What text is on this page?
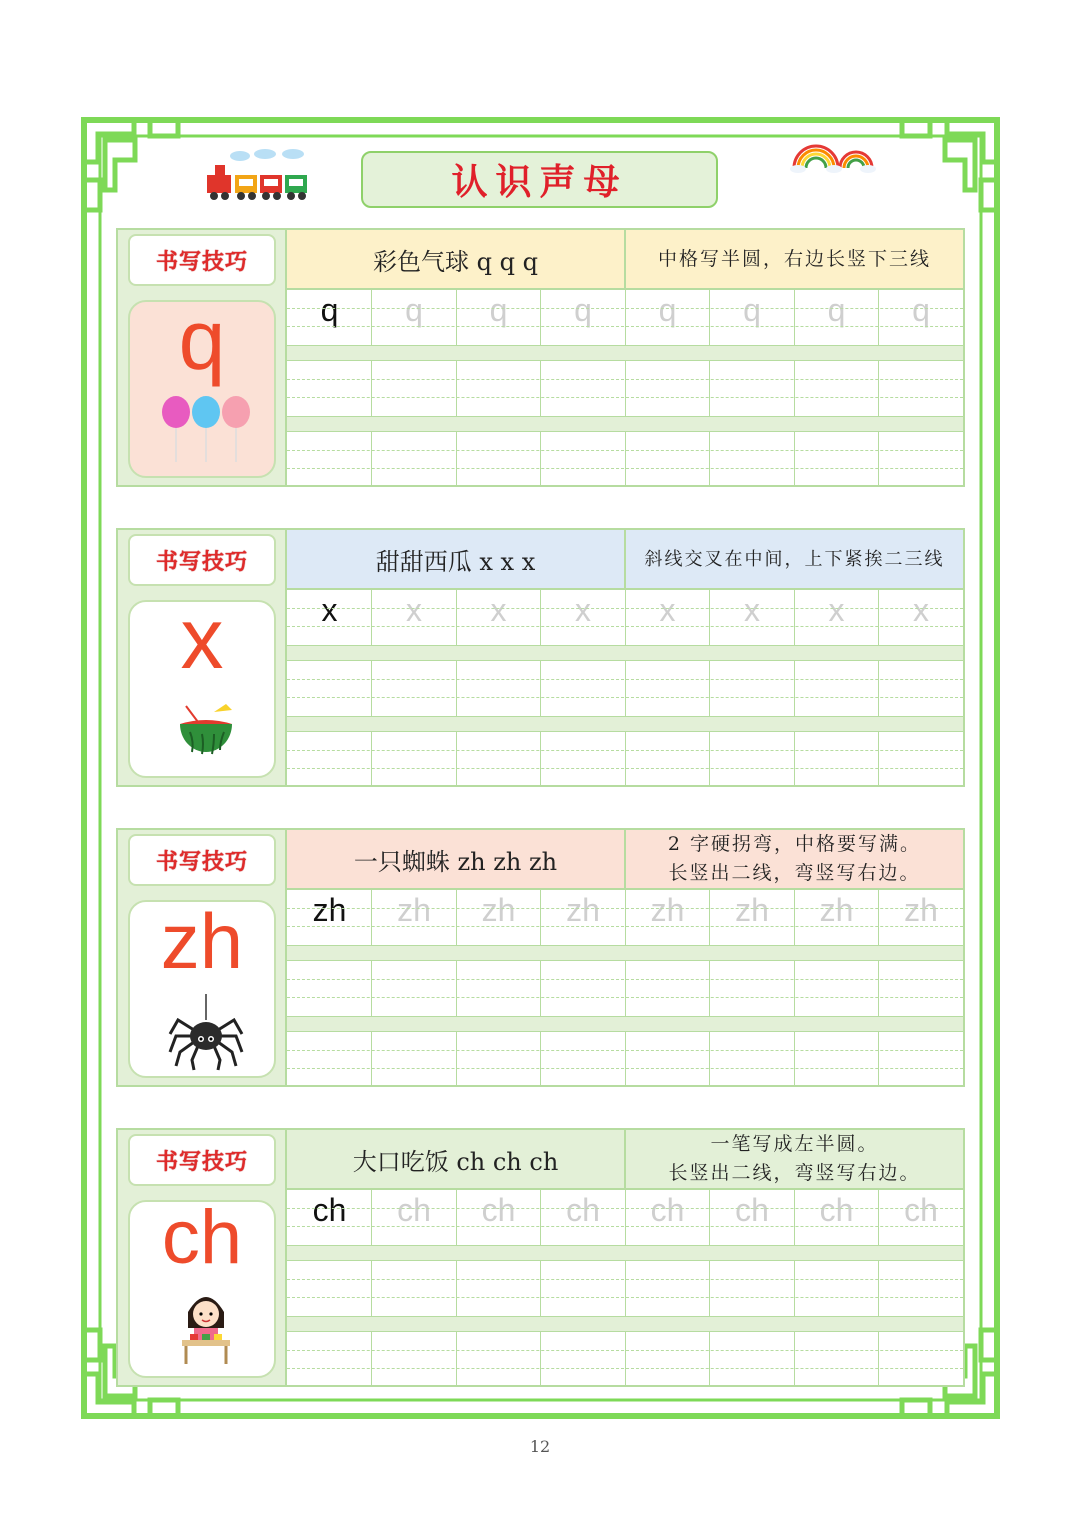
认识声母
书写技巧
q
彩色气球 q q q	中格写半圆，右边长竖下三线
q	q	q	q	q	q	q	q
书写技巧
x
甜甜西瓜 x x x	斜线交叉在中间，上下紧挨二三线
x	x	x	x	x	x	x	x
书写技巧
zh
一只蜘蛛 zh zh zh
2 字硬拐弯，中格要写满。
长竖出二线，弯竖写右边。
zh	zh	zh	zh	zh	zh	zh	zh
书写技巧
ch
大口吃饭 ch ch ch
一笔写成左半圆。
长竖出二线，弯竖写右边。
ch	ch	ch	ch	ch	ch	ch	ch
12
